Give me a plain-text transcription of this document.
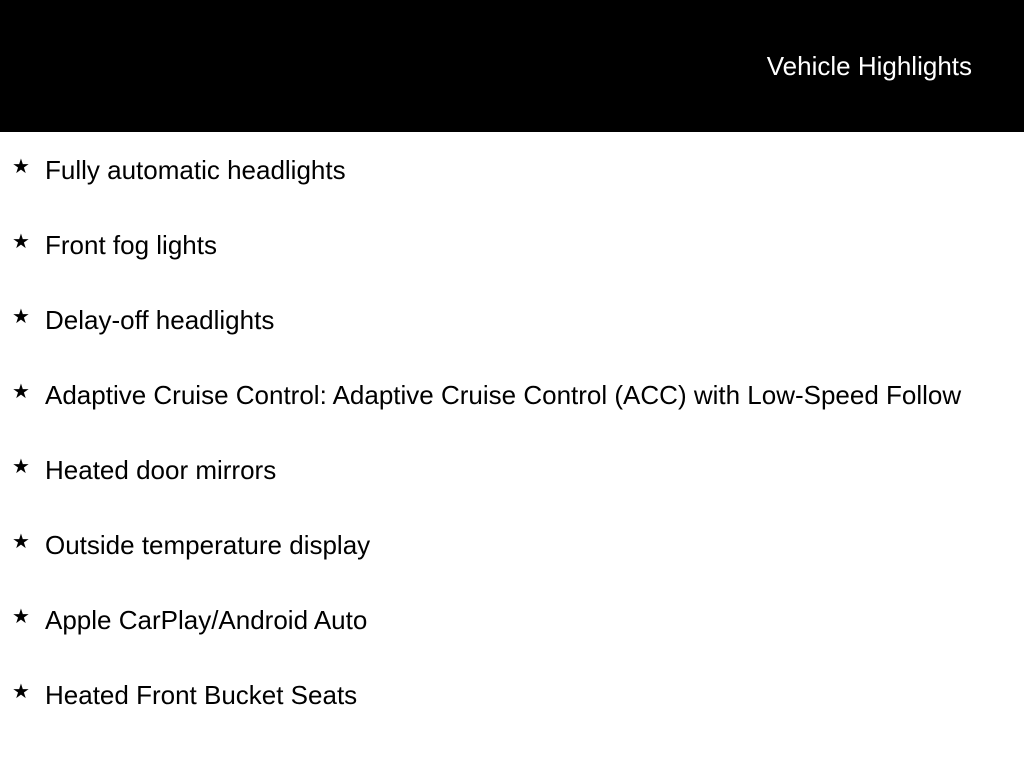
Vehicle Highlights
★
Fully automatic headlights
★
Front fog lights
★
Delay-off headlights
★
Adaptive Cruise Control: Adaptive Cruise Control (ACC) with Low-Speed Follow
★
Heated door mirrors
★
Outside temperature display
★
Apple CarPlay/Android Auto
★
Heated Front Bucket Seats
